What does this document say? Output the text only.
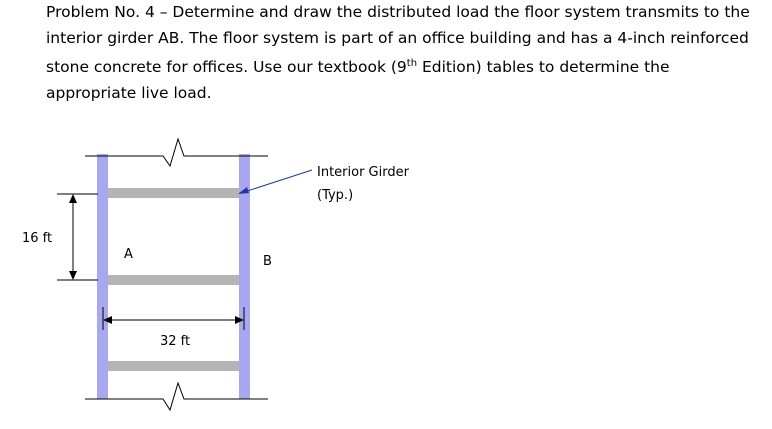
Problem No. 4 – Determine and draw the distributed load the floor system transmits to the interior girder AB. The floor system is part of an office building and has a 4-inch reinforced stone concrete for offices. Use our textbook (9th Edition) tables to determine the appropriate live load.

16 ft
32 ft
A	B
Interior Girder
(Typ.)
